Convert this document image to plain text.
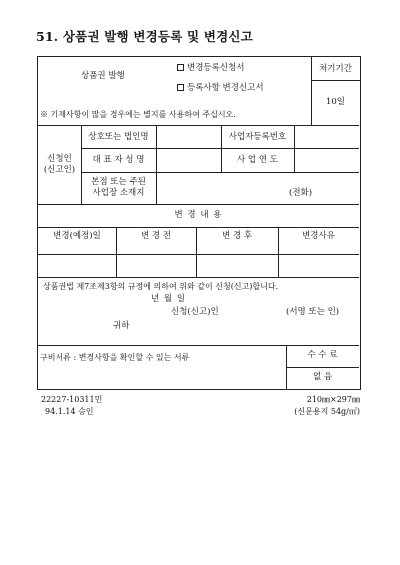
51. 상품권 발행 변경등록 및 변경신고
상품권 발행
변경등록신청서
등록사항 변경신고서
※ 기재사항이 많을 경우에는 별지를 사용하여 주십시오.
처기기간
10일
신청인
(신고인)
상호또는 법인명	사업자등록번호
대 표 자 성 명	사 업 연 도
본점 또는 주된
사업장 소재지	(전화)
변 경 내 용
변경(예정)일	변 경 전	변 경 후	변경사유
상품권법 제7조제3항의 규정에 의하여 위와 같이 신청(신고)합니다.
년 월 일
신청(신고)인	(서명 또는 인)
귀하
구비서류 : 변경사항을 확인할 수 있는 서류	수 수 료
없 음
22227-10311민
94.1.14 승인
210㎜×297㎜
(신문용지 54g/㎡)
